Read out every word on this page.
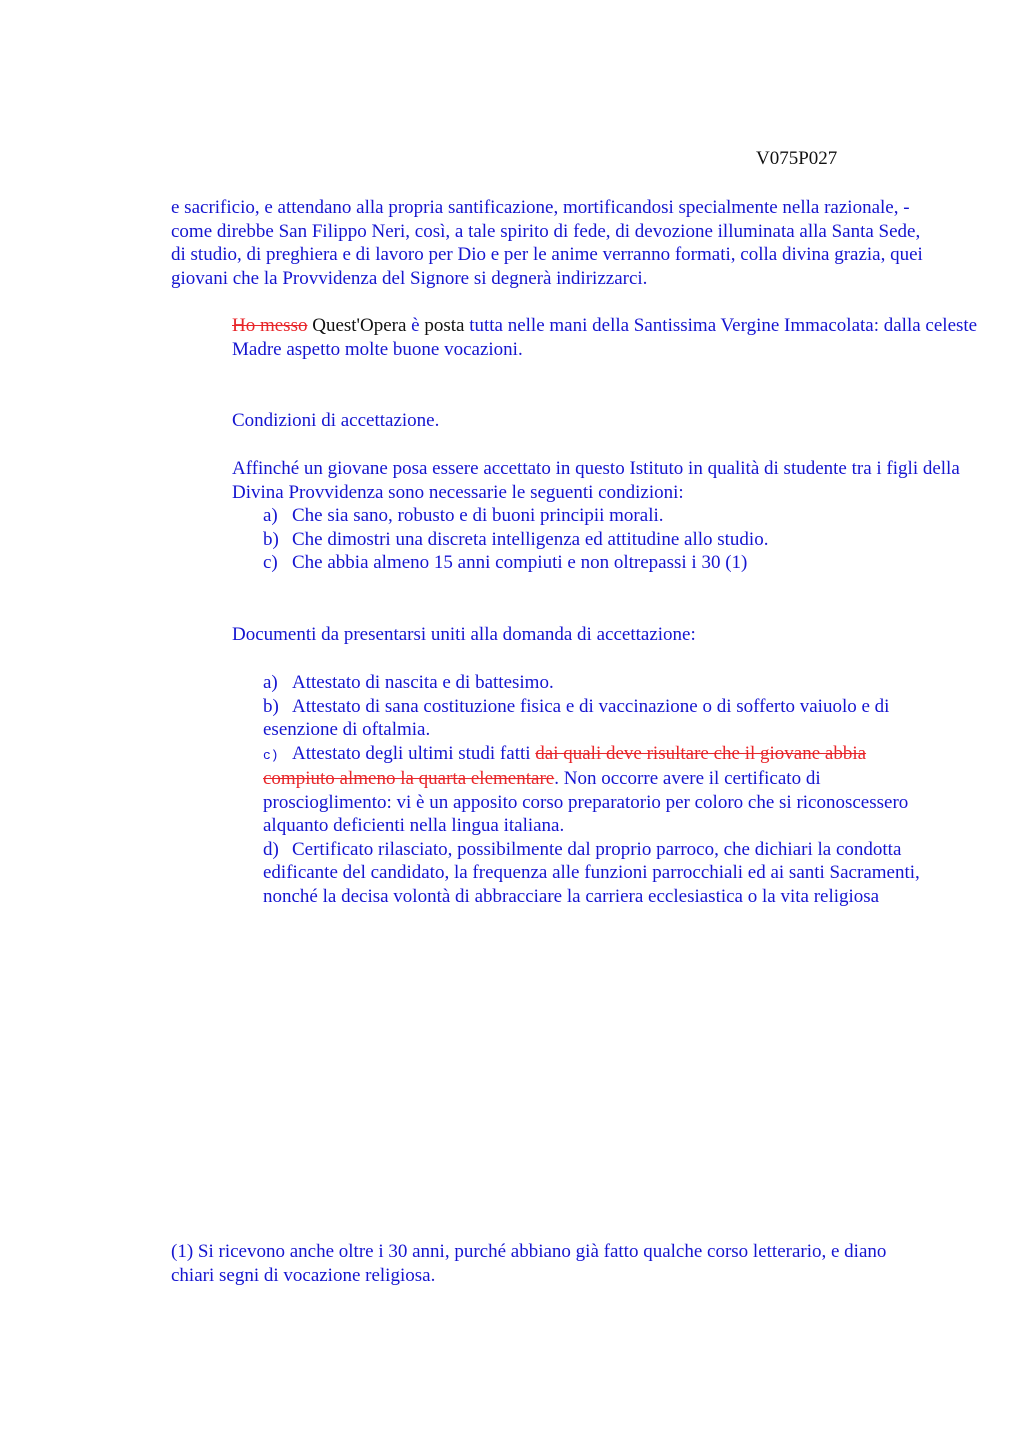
V075P027

e sacrificio, e attendano alla propria santificazione, mortificandosi specialmente nella razionale, - come direbbe San Filippo Neri, così, a tale spirito di fede, di devozione illuminata alla Santa Sede, di studio, di preghiera e di lavoro per Dio e per le anime verranno formati, colla divina grazia, quei giovani che la Provvidenza del Signore si degnerà indirizzarci.

Ho messo Quest'Opera è posta tutta nelle mani della Santissima Vergine Immacolata: dalla celeste Madre aspetto molte buone vocazioni.

Condizioni di accettazione.

Affinché un giovane posa essere accettato in questo Istituto in qualità di studente tra i figli della Divina Provvidenza sono necessarie le seguenti condizioni:

a) Che sia sano, robusto e di buoni principii morali.

b) Che dimostri una discreta intelligenza ed attitudine allo studio.

c) Che abbia almeno 15 anni compiuti e non oltrepassi i 30 (1)

Documenti da presentarsi uniti alla domanda di accettazione:

a) Attestato di nascita e di battesimo.

b) Attestato di sana costituzione fisica e di vaccinazione o di sofferto vaiuolo e di esenzione di oftalmia.

c) Attestato degli ultimi studi fatti dai quali deve risultare che il giovane abbia compiuto almeno la quarta elementare. Non occorre avere il certificato di proscioglimento: vi è un apposito corso preparatorio per coloro che si riconoscessero alquanto deficienti nella lingua italiana.

d) Certificato rilasciato, possibilmente dal proprio parroco, che dichiari la condotta edificante del candidato, la frequenza alle funzioni parrocchiali ed ai santi Sacramenti, nonché la decisa volontà di abbracciare la carriera ecclesiastica o la vita religiosa

(1) Si ricevono anche oltre i 30 anni, purché abbiano già fatto qualche corso letterario, e diano chiari segni di vocazione religiosa.
